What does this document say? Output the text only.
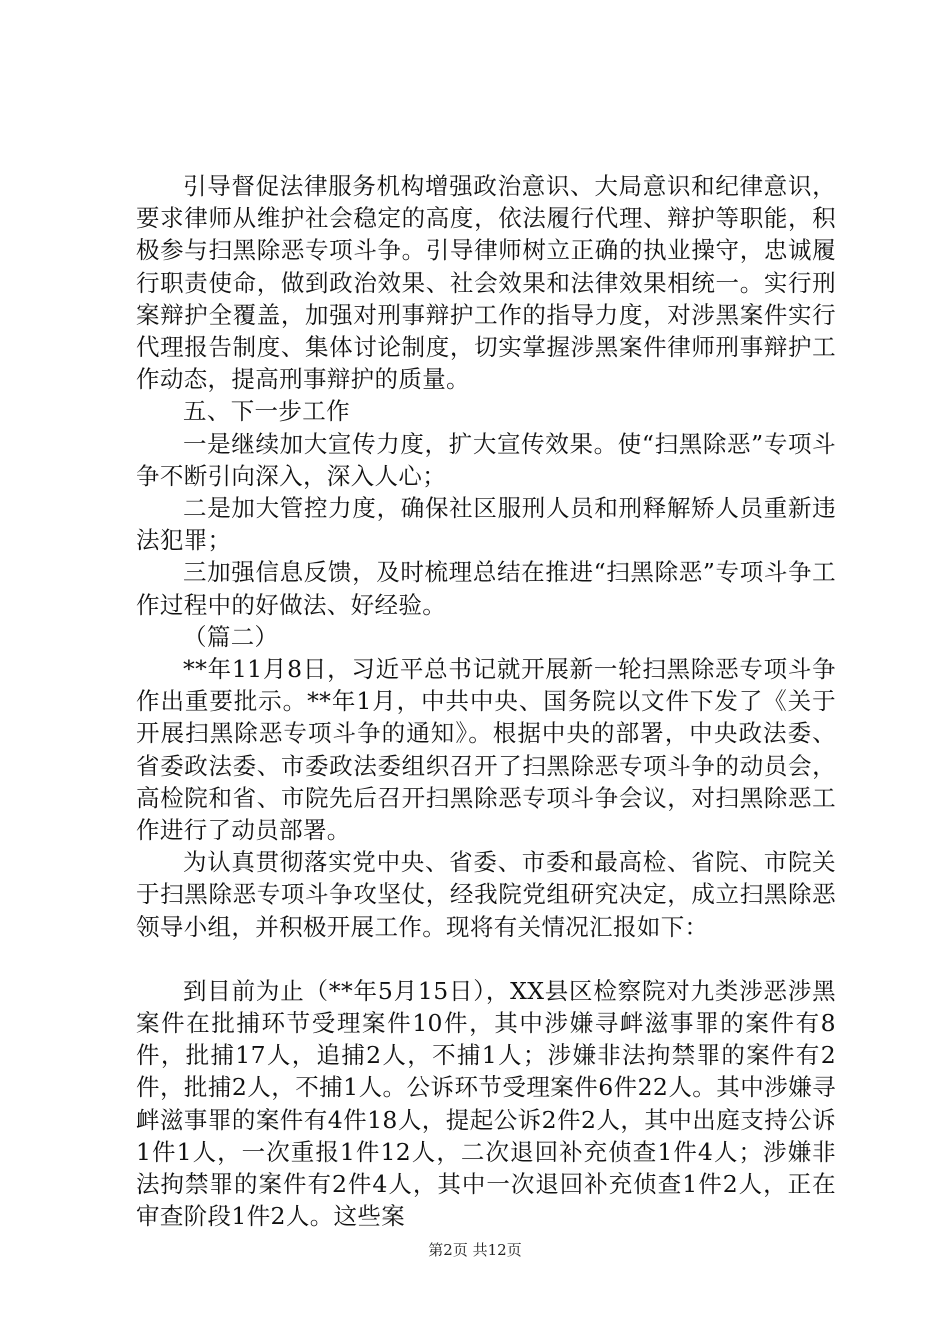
引导督促法律服务机构增强政治意识、大局意识和纪律意识，要求律师从维护社会稳定的高度，依法履行代理、辩护等职能，积极参与扫黑除恶专项斗争。引导律师树立正确的执业操守，忠诚履行职责使命，做到政治效果、社会效果和法律效果相统一。实行刑案辩护全覆盖，加强对刑事辩护工作的指导力度，对涉黑案件实行代理报告制度、集体讨论制度，切实掌握涉黑案件律师刑事辩护工作动态，提高刑事辩护的质量。

五、下一步工作

一是继续加大宣传力度，扩大宣传效果。使“扫黑除恶”专项斗争不断引向深入，深入人心；

二是加大管控力度，确保社区服刑人员和刑释解矫人员重新违法犯罪；

三加强信息反馈，及时梳理总结在推进“扫黑除恶”专项斗争工作过程中的好做法、好经验。

（篇二）

**年11月8日，习近平总书记就开展新一轮扫黑除恶专项斗争作出重要批示。**年1月，中共中央、国务院以文件下发了《关于开展扫黑除恶专项斗争的通知》。根据中央的部署，中央政法委、省委政法委、市委政法委组织召开了扫黑除恶专项斗争的动员会，高检院和省、市院先后召开扫黑除恶专项斗争会议，对扫黑除恶工作进行了动员部署。

为认真贯彻落实党中央、省委、市委和最高检、省院、市院关于扫黑除恶专项斗争攻坚仗，经我院党组研究决定，成立扫黑除恶领导小组，并积极开展工作。现将有关情况汇报如下：

到目前为止（**年5月15日），XX县区检察院对九类涉恶涉黑案件在批捕环节受理案件10件，其中涉嫌寻衅滋事罪的案件有8件，批捕17人，追捕2人，不捕1人；涉嫌非法拘禁罪的案件有2件，批捕2人，不捕1人。公诉环节受理案件6件22人。其中涉嫌寻衅滋事罪的案件有4件18人，提起公诉2件2人，其中出庭支持公诉1件1人，一次重报1件12人，二次退回补充侦查1件4人；涉嫌非法拘禁罪的案件有2件4人，其中一次退回补充侦查1件2人，正在审查阶段1件2人。这些案

第2页 共12页
